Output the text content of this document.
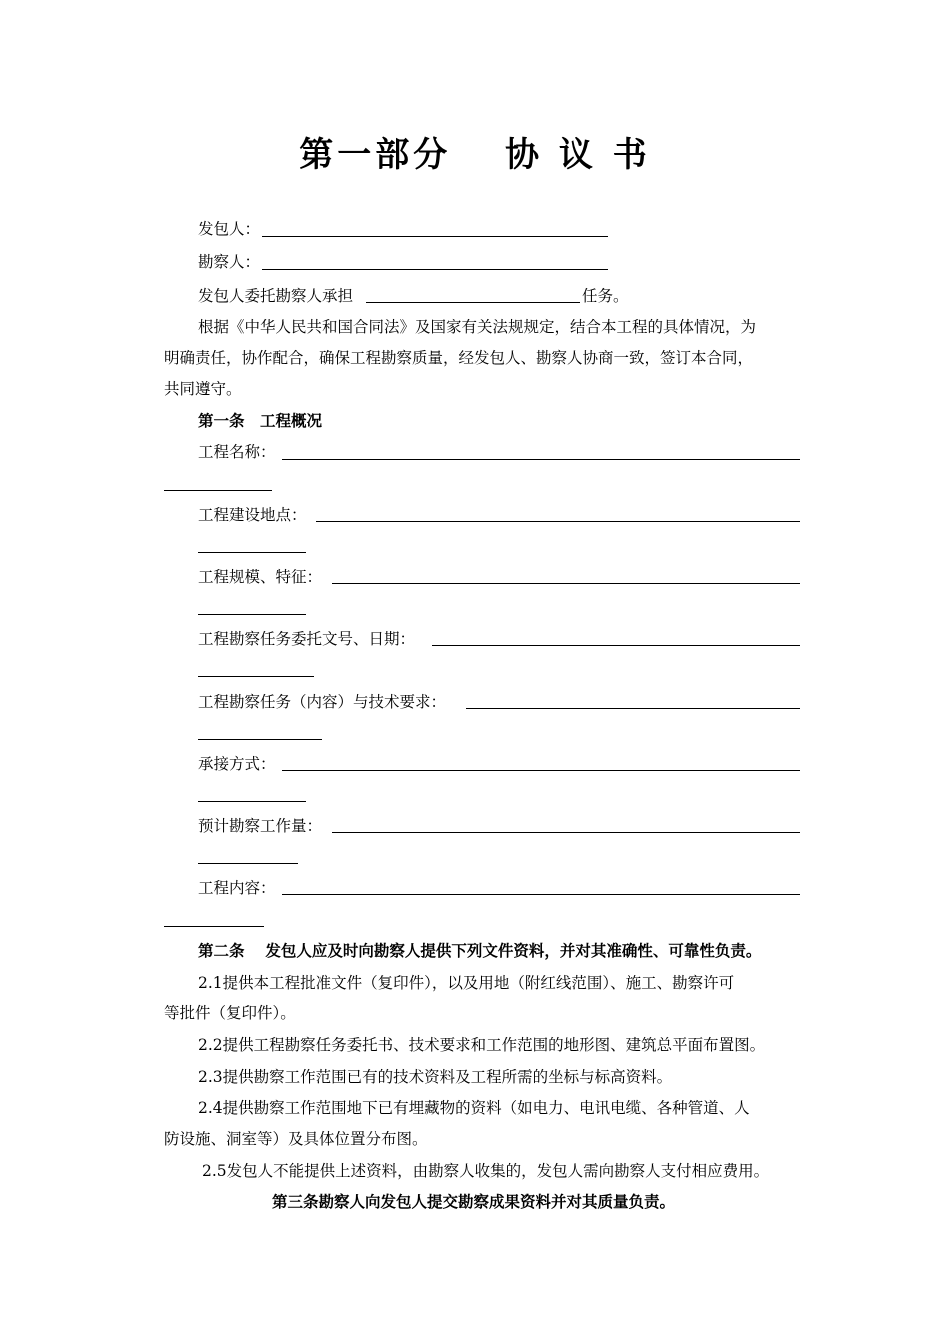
第一部分　 协 议 书
发包人：
勘察人：
发包人委托勘察人承担	任务。
根据《中华人民共和国合同法》及国家有关法规规定，结合本工程的具体情况，为
明确责任，协作配合，确保工程勘察质量，经发包人、勘察人协商一致，签订本合同，
共同遵守。
第一条　工程概况
工程名称：
工程建设地点：
工程规模、特征：
工程勘察任务委托文号、日期：
工程勘察任务（内容）与技术要求：
承接方式：
预计勘察工作量：
工程内容：
第二条　 发包人应及时向勘察人提供下列文件资料，并对其准确性、可靠性负责。
2.1提供本工程批准文件（复印件），以及用地（附红线范围）、施工、勘察许可
等批件（复印件）。
2.2提供工程勘察任务委托书、技术要求和工作范围的地形图、建筑总平面布置图。
2.3提供勘察工作范围已有的技术资料及工程所需的坐标与标高资料。
2.4提供勘察工作范围地下已有埋藏物的资料（如电力、电讯电缆、各种管道、人
防设施、洞室等）及具体位置分布图。
2.5发包人不能提供上述资料，由勘察人收集的，发包人需向勘察人支付相应费用。
第三条勘察人向发包人提交勘察成果资料并对其质量负责。
